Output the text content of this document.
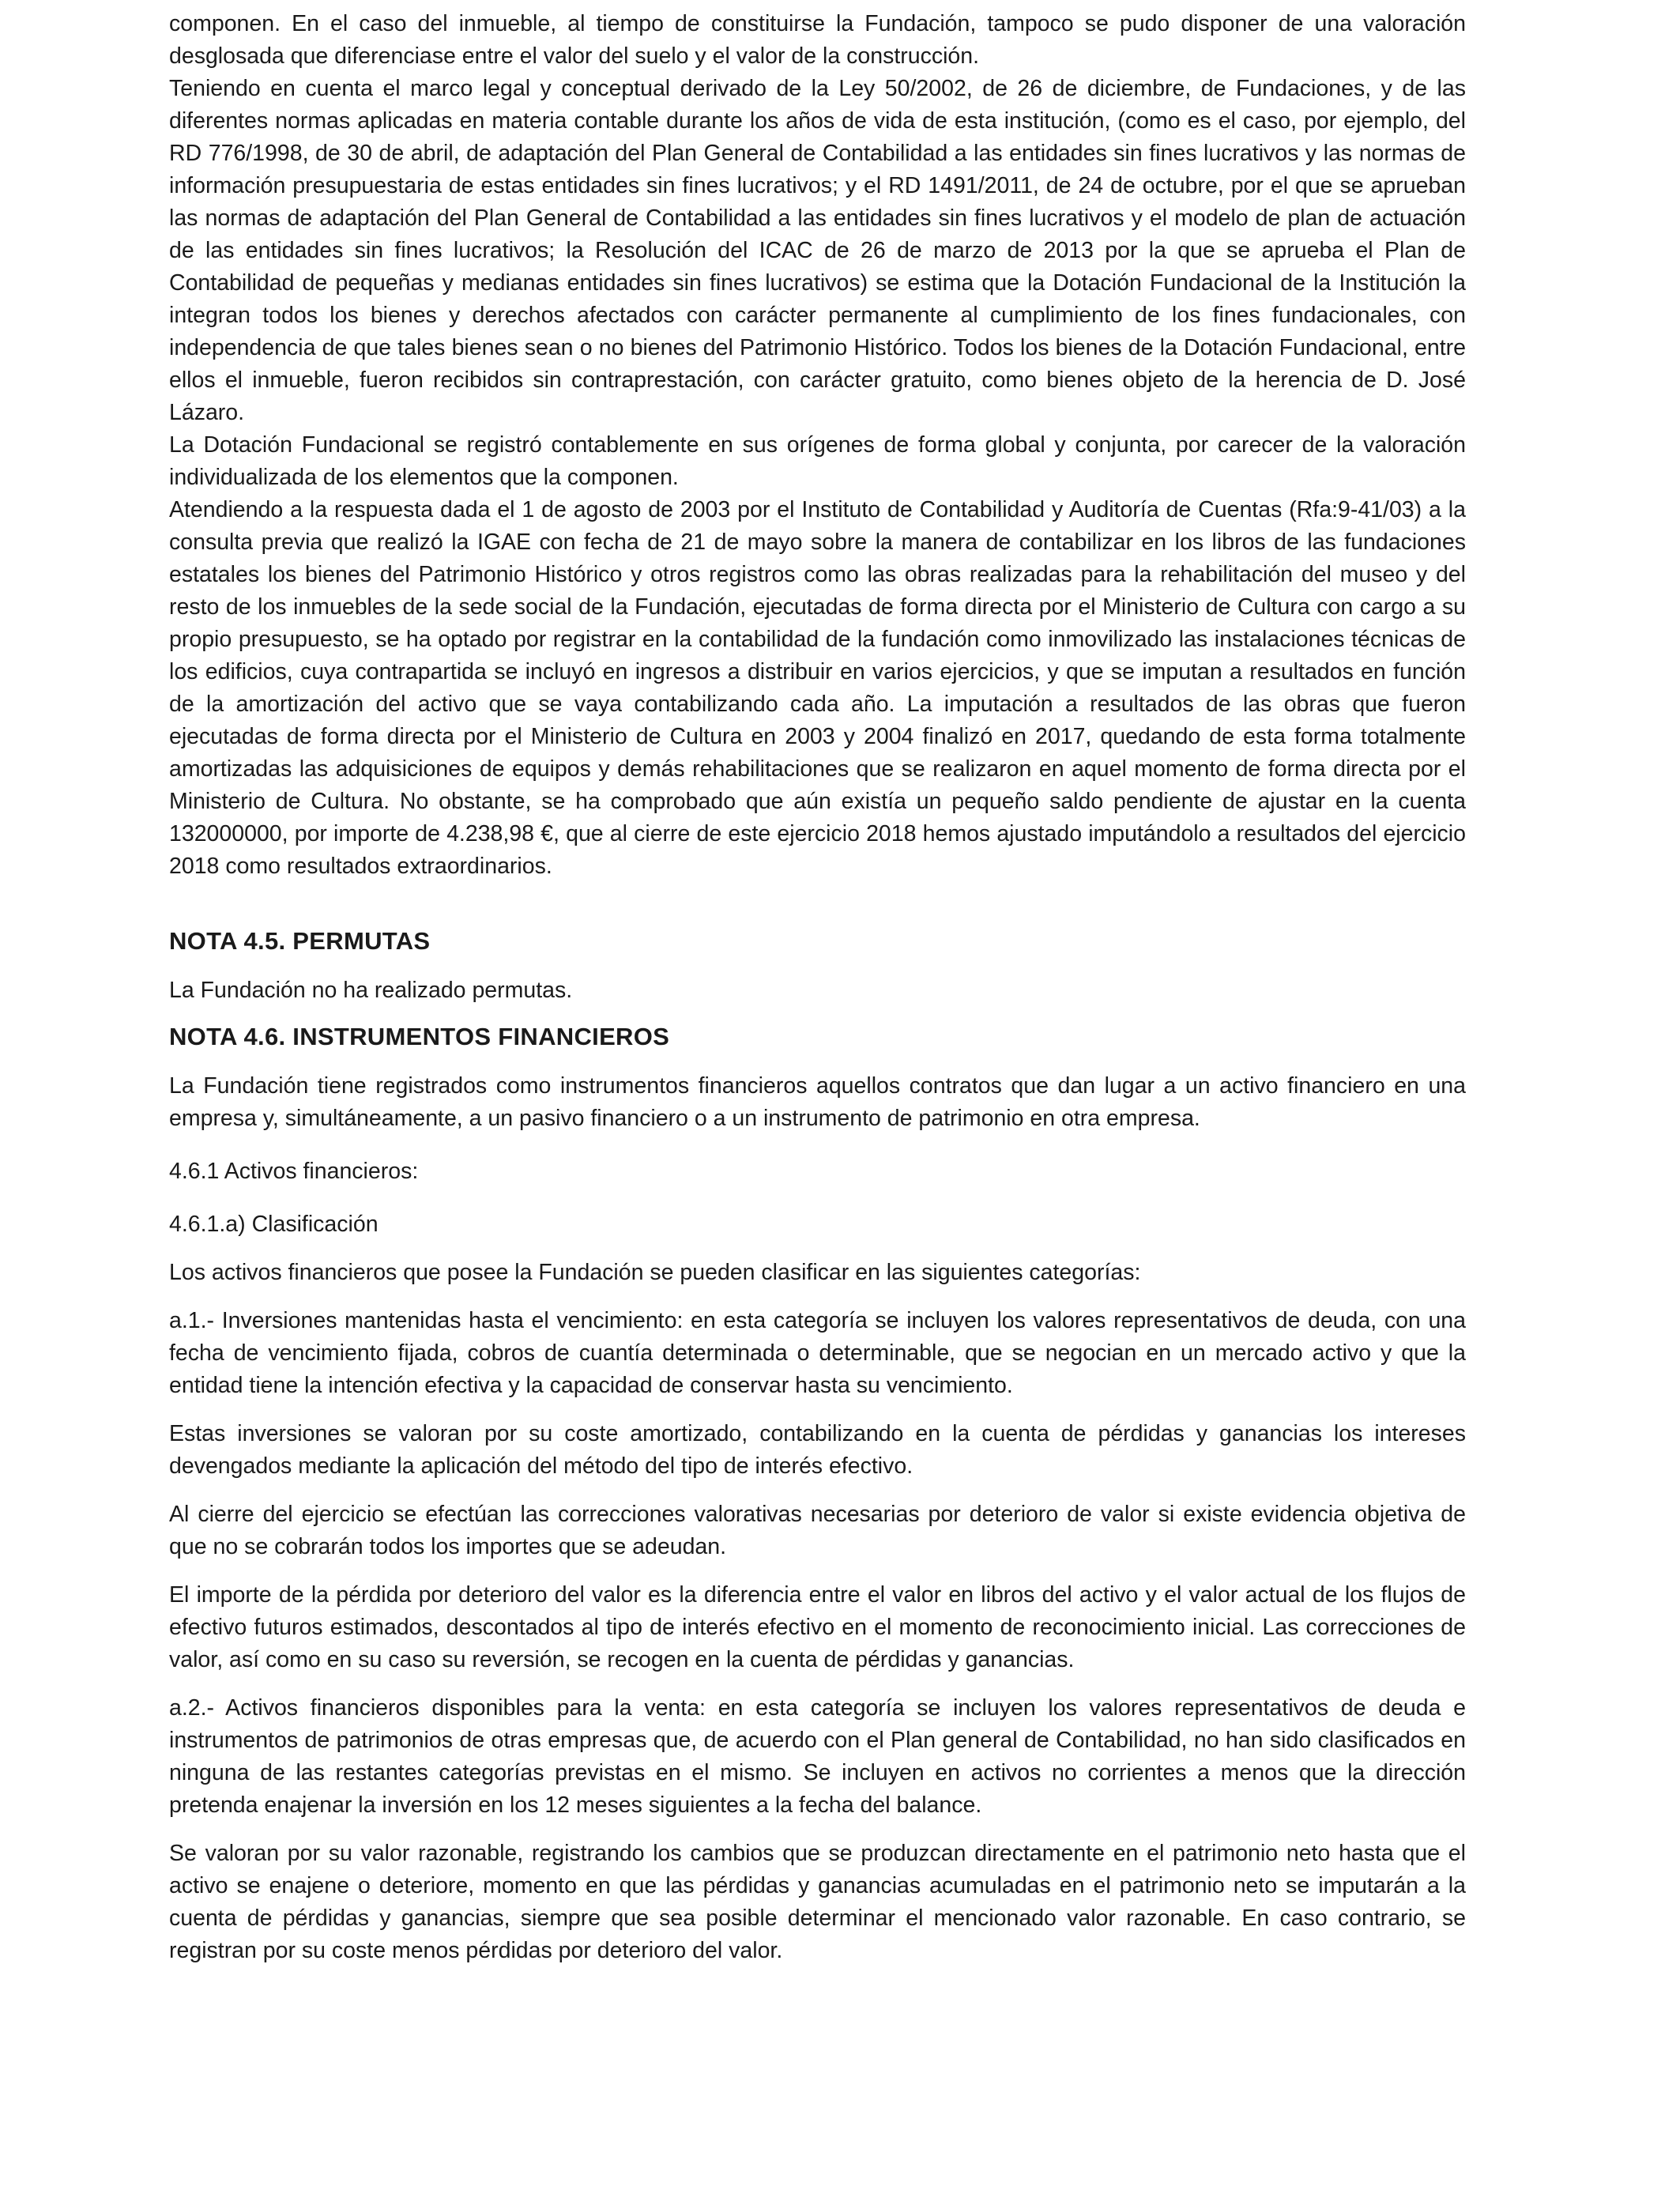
componen. En el caso del inmueble, al tiempo de constituirse la Fundación, tampoco se pudo disponer de una valoración desglosada que diferenciase entre el valor del suelo y el valor de la construcción.

Teniendo en cuenta el marco legal y conceptual derivado de la Ley 50/2002, de 26 de diciembre, de Fundaciones, y de las diferentes normas aplicadas en materia contable durante los años de vida de esta institución, (como es el caso, por ejemplo, del RD 776/1998, de 30 de abril, de adaptación del Plan General de Contabilidad a las entidades sin fines lucrativos y las normas de información presupuestaria de estas entidades sin fines lucrativos; y el RD 1491/2011, de 24 de octubre, por el que se aprueban las normas de adaptación del Plan General de Contabilidad a las entidades sin fines lucrativos y el modelo de plan de actuación de las entidades sin fines lucrativos; la Resolución del ICAC de 26 de marzo de 2013 por la que se aprueba el Plan de Contabilidad de pequeñas y medianas entidades sin fines lucrativos) se estima que la Dotación Fundacional de la Institución la integran todos los bienes y derechos afectados con carácter permanente al cumplimiento de los fines fundacionales, con independencia de que tales bienes sean o no bienes del Patrimonio Histórico. Todos los bienes de la Dotación Fundacional, entre ellos el inmueble, fueron recibidos sin contraprestación, con carácter gratuito, como bienes objeto de la herencia de D. José Lázaro.

La Dotación Fundacional se registró contablemente en sus orígenes de forma global y conjunta, por carecer de la valoración individualizada de los elementos que la componen.

Atendiendo a la respuesta dada el 1 de agosto de 2003 por el Instituto de Contabilidad y Auditoría de Cuentas (Rfa:9-41/03) a la consulta previa que realizó la IGAE con fecha de 21 de mayo sobre la manera de contabilizar en los libros de las fundaciones estatales los bienes del Patrimonio Histórico y otros registros como las obras realizadas para la rehabilitación del museo y del resto de los inmuebles de la sede social de la Fundación, ejecutadas de forma directa por el Ministerio de Cultura con cargo a su propio presupuesto, se ha optado por registrar en la contabilidad de la fundación como inmovilizado las instalaciones técnicas de los edificios, cuya contrapartida se incluyó en ingresos a distribuir en varios ejercicios, y que se imputan a resultados en función de la amortización del activo que se vaya contabilizando cada año. La imputación a resultados de las obras que fueron ejecutadas de forma directa por el Ministerio de Cultura en 2003 y 2004 finalizó en 2017, quedando de esta forma totalmente amortizadas las adquisiciones de equipos y demás rehabilitaciones que se realizaron en aquel momento de forma directa por el Ministerio de Cultura. No obstante, se ha comprobado que aún existía un pequeño saldo pendiente de ajustar en la cuenta 132000000, por importe de 4.238,98 €, que al cierre de este ejercicio 2018 hemos ajustado imputándolo a resultados del ejercicio 2018 como resultados extraordinarios.

NOTA 4.5. PERMUTAS

La Fundación no ha realizado permutas.

NOTA 4.6. INSTRUMENTOS FINANCIEROS

La Fundación tiene registrados como instrumentos financieros aquellos contratos que dan lugar a un activo financiero en una empresa y, simultáneamente, a un pasivo financiero o a un instrumento de patrimonio en otra empresa.

4.6.1 Activos financieros:

4.6.1.a) Clasificación

Los activos financieros que posee la Fundación se pueden clasificar en las siguientes categorías:

a.1.- Inversiones mantenidas hasta el vencimiento: en esta categoría se incluyen los valores representativos de deuda, con una fecha de vencimiento fijada, cobros de cuantía determinada o determinable, que se negocian en un mercado activo y que la entidad tiene la intención efectiva y la capacidad de conservar hasta su vencimiento.

Estas inversiones se valoran por su coste amortizado, contabilizando en la cuenta de pérdidas y ganancias los intereses devengados mediante la aplicación del método del tipo de interés efectivo.

Al cierre del ejercicio se efectúan las correcciones valorativas necesarias por deterioro de valor si existe evidencia objetiva de que no se cobrarán todos los importes que se adeudan.

El importe de la pérdida por deterioro del valor es la diferencia entre el valor en libros del activo y el valor actual de los flujos de efectivo futuros estimados, descontados al tipo de interés efectivo en el momento de reconocimiento inicial. Las correcciones de valor, así como en su caso su reversión, se recogen en la cuenta de pérdidas y ganancias.

a.2.- Activos financieros disponibles para la venta: en esta categoría se incluyen los valores representativos de deuda e instrumentos de patrimonios de otras empresas que, de acuerdo con el Plan general de Contabilidad, no han sido clasificados en ninguna de las restantes categorías previstas en el mismo. Se incluyen en activos no corrientes a menos que la dirección pretenda enajenar la inversión en los 12 meses siguientes a la fecha del balance.

Se valoran por su valor razonable, registrando los cambios que se produzcan directamente en el patrimonio neto hasta que el activo se enajene o deteriore, momento en que las pérdidas y ganancias acumuladas en el patrimonio neto se imputarán a la cuenta de pérdidas y ganancias, siempre que sea posible determinar el mencionado valor razonable. En caso contrario, se registran por su coste menos pérdidas por deterioro del valor.
